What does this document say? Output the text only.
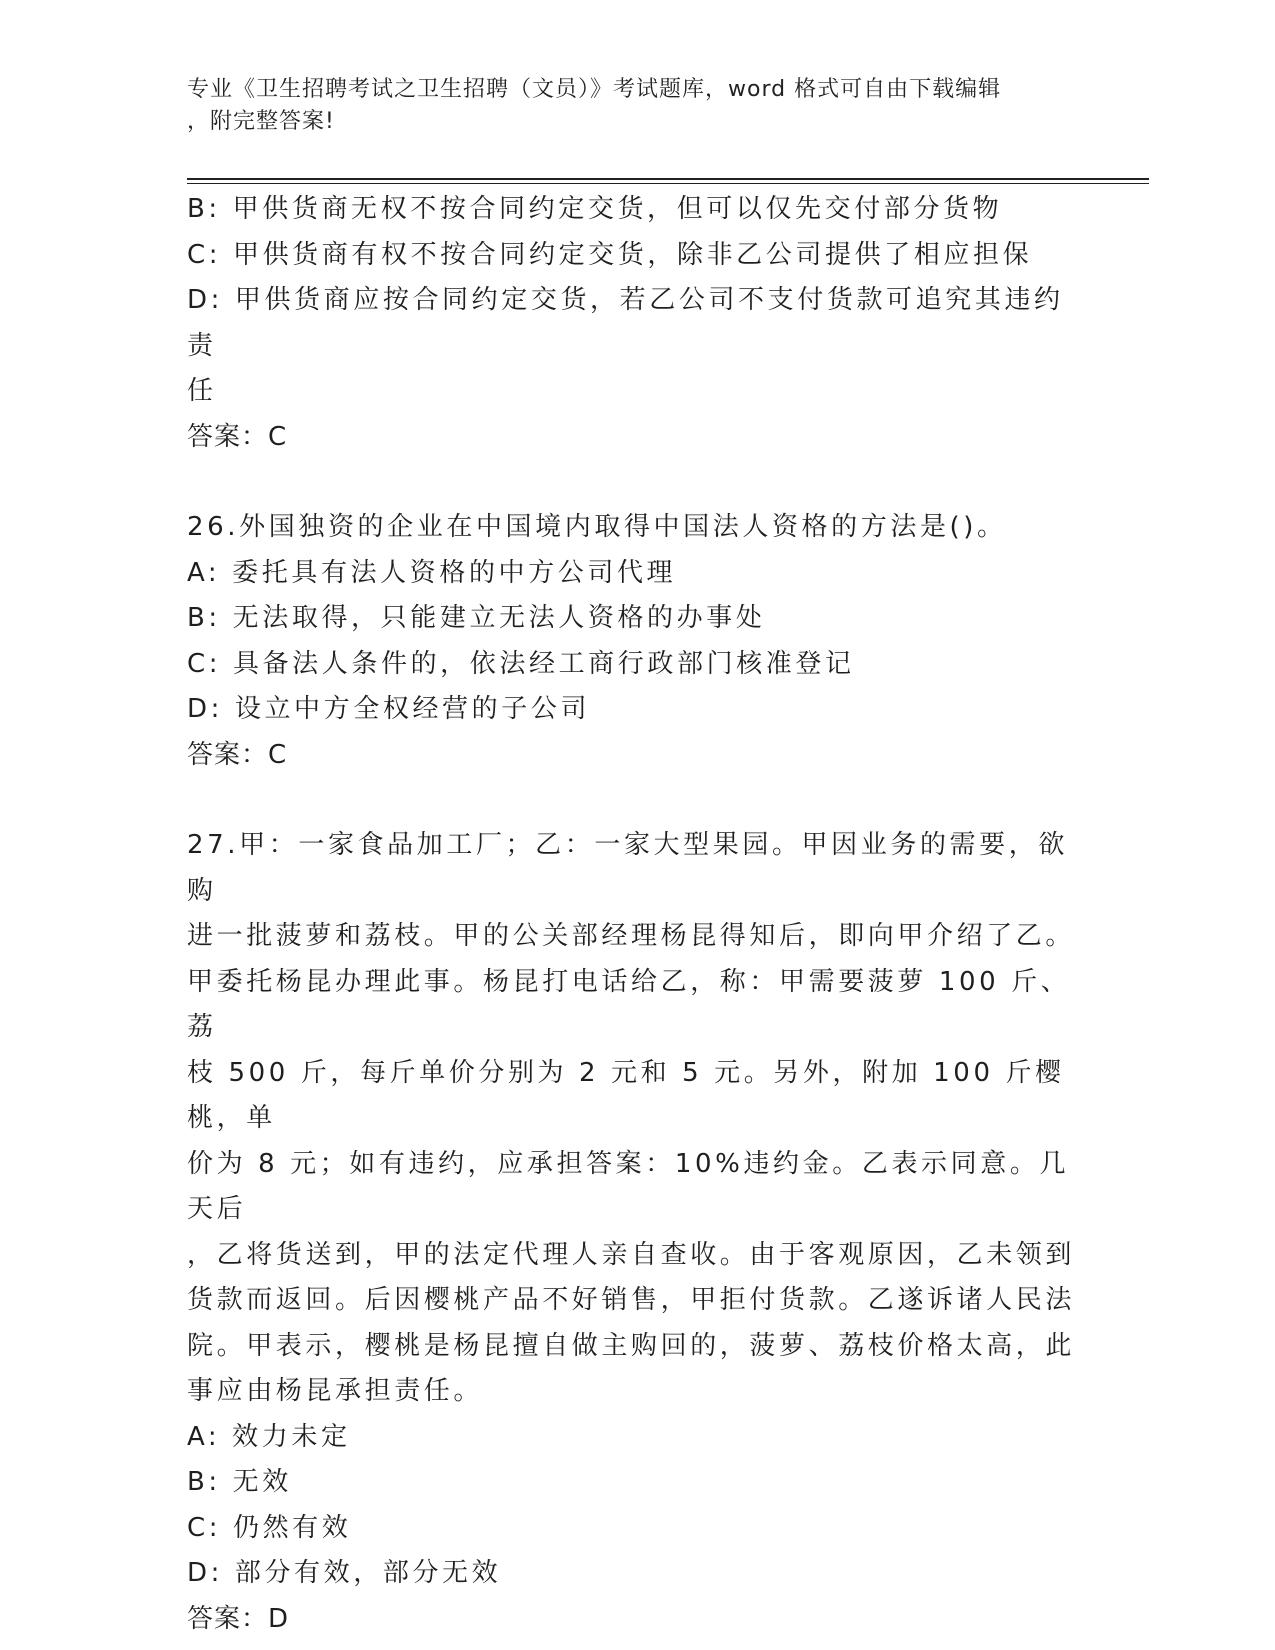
专业《卫生招聘考试之卫生招聘（文员）》考试题库，word 格式可自由下载编辑
，附完整答案!

B: 甲供货商无权不按合同约定交货，但可以仅先交付部分货物

C: 甲供货商有权不按合同约定交货，除非乙公司提供了相应担保

D: 甲供货商应按合同约定交货，若乙公司不支付货款可追究其违约责

任

答案：C

26.外国独资的企业在中国境内取得中国法人资格的方法是()。

A: 委托具有法人资格的中方公司代理

B: 无法取得，只能建立无法人资格的办事处

C: 具备法人条件的，依法经工商行政部门核准登记

D: 设立中方全权经营的子公司

答案：C

27.甲：一家食品加工厂；乙：一家大型果园。甲因业务的需要，欲购

进一批菠萝和荔枝。甲的公关部经理杨昆得知后，即向甲介绍了乙。

甲委托杨昆办理此事。杨昆打电话给乙，称：甲需要菠萝 100 斤、荔

枝 500 斤，每斤单价分别为 2 元和 5 元。另外，附加 100 斤樱桃，单

价为 8 元；如有违约，应承担答案：10%违约金。乙表示同意。几天后

，乙将货送到，甲的法定代理人亲自查收。由于客观原因，乙未领到

货款而返回。后因樱桃产品不好销售，甲拒付货款。乙遂诉诸人民法

院。甲表示，樱桃是杨昆擅自做主购回的，菠萝、荔枝价格太高，此

事应由杨昆承担责任。

A: 效力未定

B: 无效

C: 仍然有效

D: 部分有效，部分无效

答案：D
